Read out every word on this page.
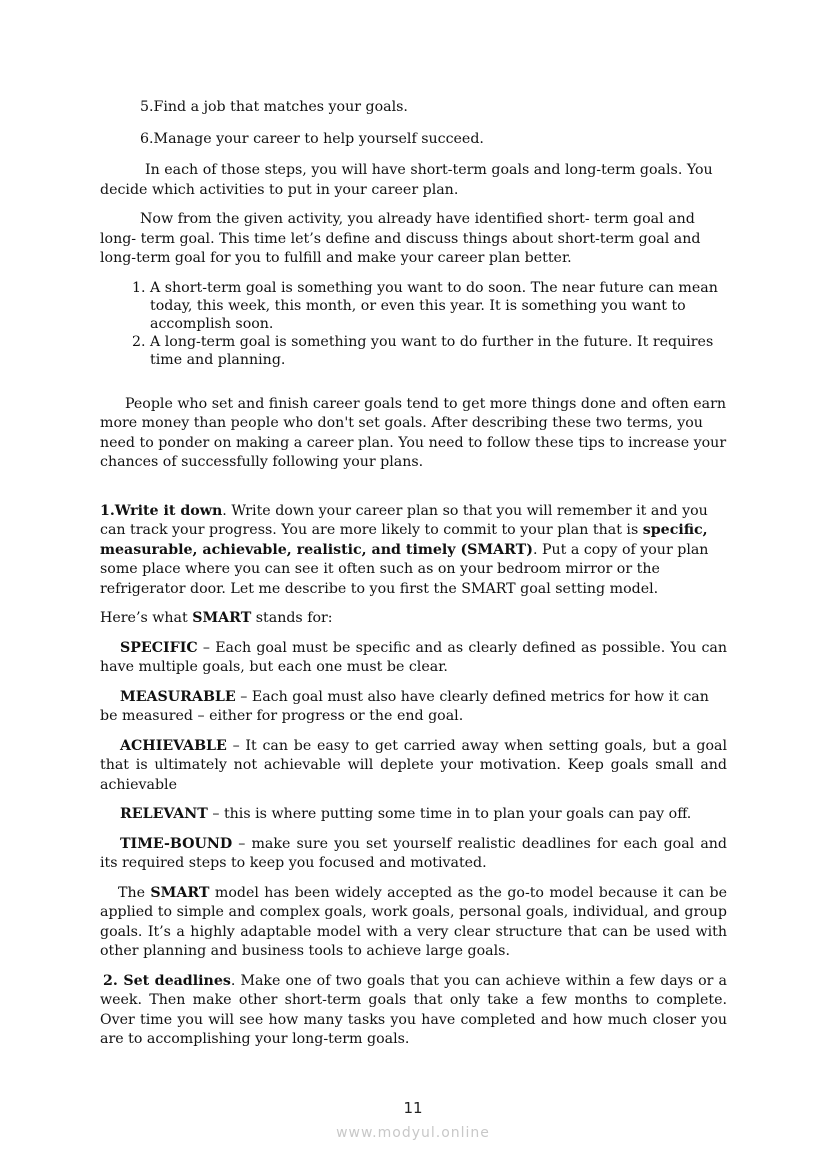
5.Find a job that matches your goals.

6.Manage your career to help yourself succeed.

In each of those steps, you will have short-term goals and long-term goals. You decide which activities to put in your career plan.

Now from the given activity, you already have identified short- term goal and long- term goal. This time let’s define and discuss things about short-term goal and long-term goal for you to fulfill and make your career plan better.

1. A short-term goal is something you want to do soon. The near future can mean today, this week, this month, or even this year. It is something you want to accomplish soon.
2. A long-term goal is something you want to do further in the future. It requires time and planning.

People who set and finish career goals tend to get more things done and often earn more money than people who don't set goals. After describing these two terms, you need to ponder on making a career plan. You need to follow these tips to increase your chances of successfully following your plans.

1.Write it down. Write down your career plan so that you will remember it and you can track your progress. You are more likely to commit to your plan that is specific, measurable, achievable, realistic, and timely (SMART). Put a copy of your plan some place where you can see it often such as on your bedroom mirror or the refrigerator door. Let me describe to you first the SMART goal setting model.

Here’s what SMART stands for:

SPECIFIC – Each goal must be specific and as clearly defined as possible. You can have multiple goals, but each one must be clear.

MEASURABLE – Each goal must also have clearly defined metrics for how it can be measured – either for progress or the end goal.

ACHIEVABLE – It can be easy to get carried away when setting goals, but a goal that is ultimately not achievable will deplete your motivation. Keep goals small and achievable

RELEVANT – this is where putting some time in to plan your goals can pay off.

TIME-BOUND – make sure you set yourself realistic deadlines for each goal and its required steps to keep you focused and motivated.

The SMART model has been widely accepted as the go-to model because it can be applied to simple and complex goals, work goals, personal goals, individual, and group goals. It’s a highly adaptable model with a very clear structure that can be used with other planning and business tools to achieve large goals.

2. Set deadlines. Make one of two goals that you can achieve within a few days or a week. Then make other short-term goals that only take a few months to complete. Over time you will see how many tasks you have completed and how much closer you are to accomplishing your long-term goals.

11
www.modyul.online
